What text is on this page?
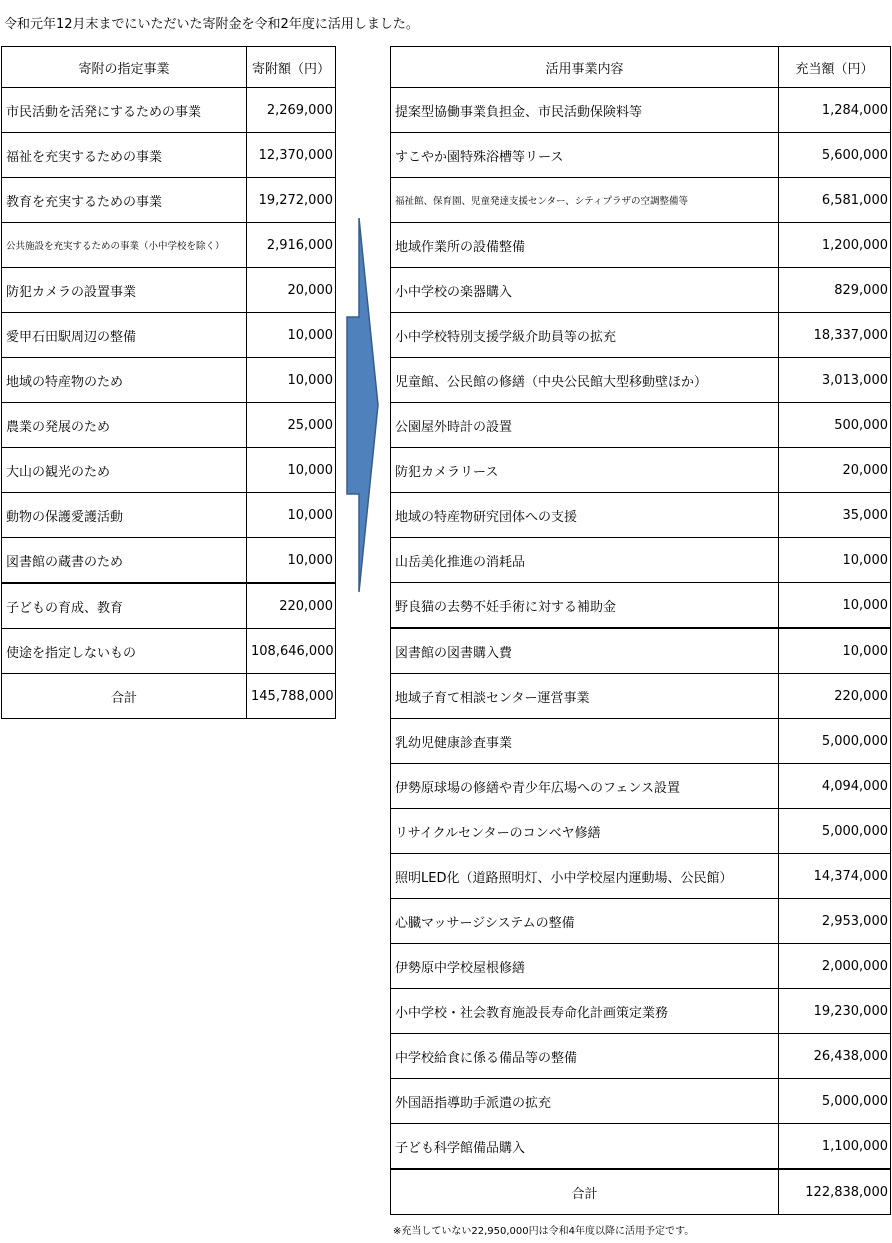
令和元年12月末までにいただいた寄附金を令和2年度に活用しました。
寄附の指定事業	寄附額（円）
市民活動を活発にするための事業	2,269,000
福祉を充実するための事業	12,370,000
教育を充実するための事業	19,272,000
公共施設を充実するための事業（小中学校を除く）	2,916,000
防犯カメラの設置事業	20,000
愛甲石田駅周辺の整備	10,000
地域の特産物のため	10,000
農業の発展のため	25,000
大山の観光のため	10,000
動物の保護愛護活動	10,000
図書館の蔵書のため	10,000
子どもの育成、教育	220,000
使途を指定しないもの	108,646,000
合計	145,788,000
活用事業内容	充当額（円）
提案型協働事業負担金、市民活動保険料等	1,284,000
すこやか園特殊浴槽等リース	5,600,000
福祉館、保育園、児童発達支援センター、シティプラザの空調整備等	6,581,000
地域作業所の設備整備	1,200,000
小中学校の楽器購入	829,000
小中学校特別支援学級介助員等の拡充	18,337,000
児童館、公民館の修繕（中央公民館大型移動壁ほか）	3,013,000
公園屋外時計の設置	500,000
防犯カメラリース	20,000
地域の特産物研究団体への支援	35,000
山岳美化推進の消耗品	10,000
野良猫の去勢不妊手術に対する補助金	10,000
図書館の図書購入費	10,000
地域子育て相談センター運営事業	220,000
乳幼児健康診査事業	5,000,000
伊勢原球場の修繕や青少年広場へのフェンス設置	4,094,000
リサイクルセンターのコンベヤ修繕	5,000,000
照明LED化（道路照明灯、小中学校屋内運動場、公民館）	14,374,000
心臓マッサージシステムの整備	2,953,000
伊勢原中学校屋根修繕	2,000,000
小中学校・社会教育施設長寿命化計画策定業務	19,230,000
中学校給食に係る備品等の整備	26,438,000
外国語指導助手派遣の拡充	5,000,000
子ども科学館備品購入	1,100,000
合計	122,838,000
※充当していない22,950,000円は令和4年度以降に活用予定です。
